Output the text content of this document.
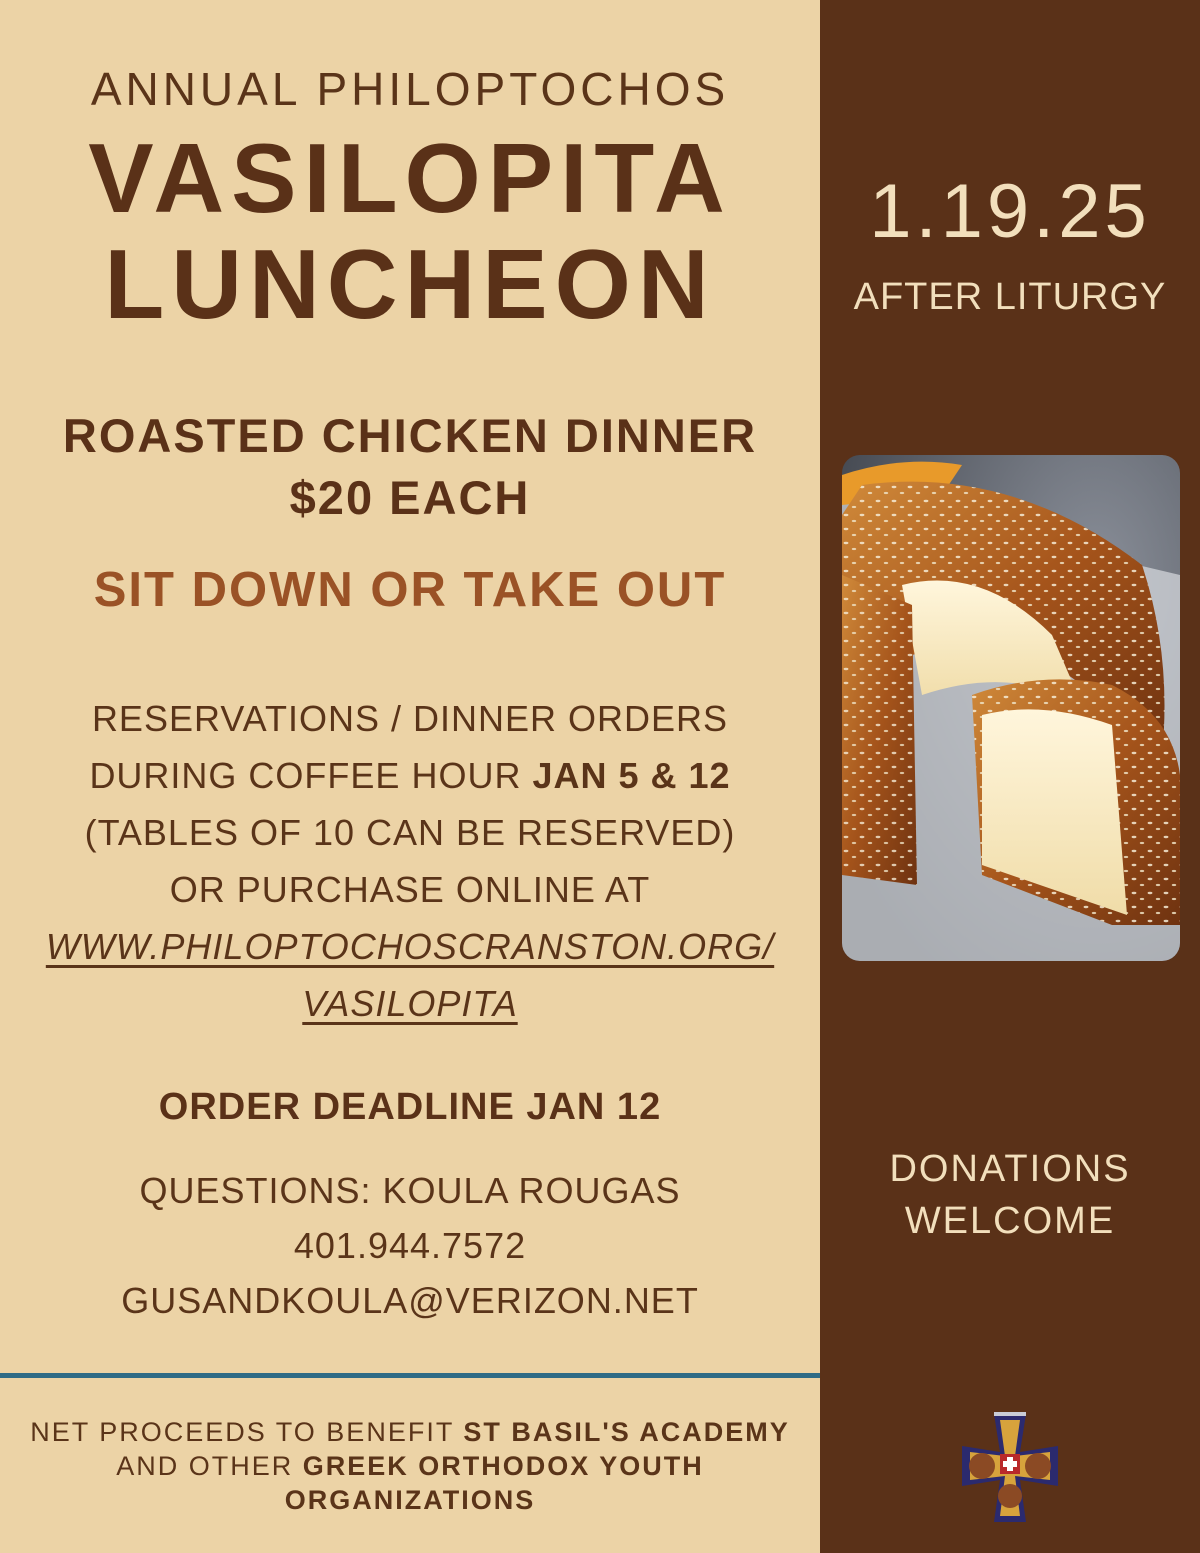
ANNUAL PHILOPTOCHOS
VASILOPITA
LUNCHEON
ROASTED CHICKEN DINNER
$20 EACH
SIT DOWN OR TAKE OUT
RESERVATIONS / DINNER ORDERS
DURING COFFEE HOUR JAN 5 & 12
(TABLES OF 10 CAN BE RESERVED)
OR PURCHASE ONLINE AT
WWW.PHILOPTOCHOSCRANSTON.ORG/
VASILOPITA
ORDER DEADLINE JAN 12
QUESTIONS: KOULA ROUGAS
401.944.7572
GUSANDKOULA@VERIZON.NET
NET PROCEEDS TO BENEFIT ST BASIL'S ACADEMY
AND OTHER GREEK ORTHODOX YOUTH
ORGANIZATIONS
1.19.25
AFTER LITURGY
DONATIONS
WELCOME
